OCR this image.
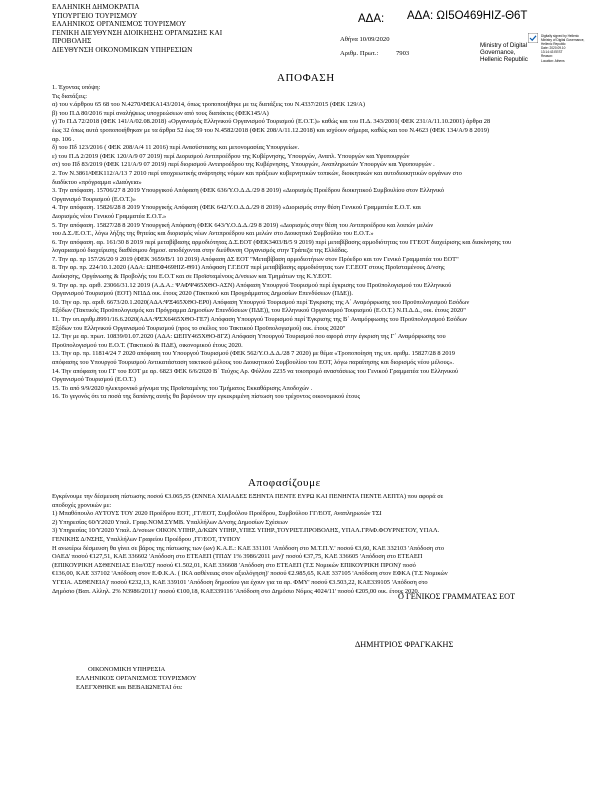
ΕΛΛΗΝΙΚΗ ΔΗΜΟΚΡΑΤΙΑ
ΥΠΟΥΡΓΕΙΟ ΤΟΥΡΙΣΜΟΥ
ΕΛΛΗΝΙΚΟΣ ΟΡΓΑΝΙΣΜΟΣ ΤΟΥΡΙΣΜΟΥ
ΓΕΝΙΚΗ ΔΙΕΥΘΥΝΣΗ ΔΙΟΙΚΗΣΗΣ ΟΡΓΑΝΩΣΗΣ ΚΑΙ
ΠΡΟΒΟΛΗΣ
ΔΙΕΥΘΥΝΣΗ ΟΙΚΟΝΟΜΙΚΩΝ ΥΠΗΡΕΣΙΩΝ
ΑΔΑ: ΑΔΑ: ΩΙ5Ο469ΗΙΖ-Θ6Τ
Αθήνα 10/09/2020
Αριθμ. Πρωτ.:	7903
Ministry of Digital
Governance,
Hellenic Republic
Digitally signed by Hellenic
Ministry of Digital Governance,
Hellenic Republic
Date: 2020.09.10
13:14:43 EEST
Reason:
Location: Athens
ΑΠΟΦΑΣΗ

1. Έχοντας υπόψη:

Τις διατάξεις:

α) του ν.άρθρου 65 68 του Ν.4270/ΦΕΚΑ143/2014, όπως τροποποιήθηκε με τις διατάξεις του Ν.4337/2015 (ΦΕΚ 129/Α)

β) του Π.Δ 80/2016 περί αναλήψεως υποχρεώσεων από τους διατάκτες (ΦΕΚ145/Α)

γ) Το Π.Δ 72/2018 (ΦΕΚ 141/Α/02.08.2018) «Οργανισμός Ελληνικού Οργανισμού Τουρισμού (Ε.Ο.Τ.)» καθώς και του Π.Δ. 343/2001( ΦΕΚ 231/Α/11.10.2001) άρθρα 28

έως 32 όπως αυτά τροποποιήθηκαν με τα άρθρα 52 έως 59 του Ν.4582/2018 (ΦΕΚ 208/Α/11.12.2018) και ισχύουν σήμερα, καθώς και του Ν.4623 (ΦΕΚ 134/Α/9 8 2019)

αρ. 106 .

δ) του Πδ 123/2016 ( ΦΕΚ 208/Α/4 11 2016) περί Ανασύστασης και μετονομασίας Υπουργείων.

ε) του Π.Δ 2/2019 (ΦΕΚ 120/Α/9 07 2019) περί Διορισμού Αντιπροέδρου της Κυβέρνησης, Υπουργών, Αναπλ. Υπουργών και Υφυπουργών

στ) του Πδ 83/2019 (ΦΕΚ 121/Α/9 07 2019) περί διορισμού Αντιπροέδρου της Κυβέρνησης, Υπουργών, Αναπληρωτών Υπουργών και Υφυπουργών .

2. Τον Ν.3861/ΦΕΚ112/Α/13 7 2010 περί υποχρεωτικής ανάρτησης νόμων και πράξεων κυβερνητικών τοπικών, διοικητικών και αυτοδιοικητικών οργάνων στο

διαδίκτυο «πρόγραμμα «Διαύγεια»

3. Την απόφαση. 15706/27 8 2019 Υπουργικού Απόφαση (ΦΕΚ 636/Υ.Ο.Δ.Δ./29 8 2019) «Διορισμός Προέδρου διοικητικού Συμβουλίου στον Ελληνικό

Οργανισμό Τουρισμού (Ε.Ο.Τ.)»

4. Την απόφαση. 15826/28 8 2019 Υπουργικής Απόφαση (ΦΕΚ 642/Υ.Ο.Δ.Δ./29 8 2019) «Διορισμός στην θέση Γενικού Γραμματέα Ε.Ο.Τ. και

Διορισμός νέου Γενικού Γραμματέα Ε.Ο.Τ.»

5. Την απόφαση. 15827/28 8 2019 Υπουργική Απόφαση (ΦΕΚ 643/Υ.Ο.Δ.Δ./29 8 2019) «Διορισμός στην θέση του Αντιπροέδρου και λοιπών μελών

του Δ.Σ./Ε.Ο.Τ., λόγω λήξης της θητείας και διορισμός νέων Αντιπροέδρου και μελών στο Διοικητικό Συμβούλιο του Ε.Ο.Τ.»

6. Την απόφαση. αρ. 161/30 8 2019 περί μεταβίβασης αρμοδιότητας Δ.Σ.ΕΟΤ (ΦΕΚ3403/Β/5 9 2019) περί μεταβίβασης αρμοδιότητας του ΓΓΕΟΤ διαχείρισης και διακίνησης του

λογαριασμού διαχείρισης διαθέσιμου δημοσ. αποδέχονται στην διεύθυνση Οργανισμός στην Τράπεζα της Ελλάδας.

7. Την αρ. πρ 157/26/20 9 2019 (ΦΕΚ 3659/Β/1 10 2019) Απόφαση ΔΣ ΕΟΤ "Μεταβίβαση αρμοδιοτήτων στον Πρόεδρο και τον Γενικό Γραμματέα του ΕΟΤ"

8. Την αρ. πρ. 224/10.1.2020 (ΑΔΑ: ΩΗΕΦ469ΗΙΖ-Θ91) Απόφαση Γ.Γ.ΕΟΤ περί μεταβίβασης αρμοδιότητας των Γ.Γ.ΕΟΤ στους Προϊσταμένους Δ/νσης

Διοίκησης, Οργάνωσης & Προβολής του Ε.Ο.Τ και σε Προϊσταμένους Δ/νσεων και Τμημάτων της Κ.Υ.ΕΟΤ.

9. Την αρ. πρ. αριθ. 23066/31.12 2019 (Α.Δ.Α.: ΨΑΦΨ465ΧΘΟ-ΑΣΝ) Απόφαση Υπουργού Τουρισμού περί έγκρισης του Προϋπολογισμού του Ελληνικού

Οργανισμού Τουρισμού (ΕΟΤ) ΝΠΔΔ οικ. έτους 2020 (Τακτικού και Προγράμματος Δημοσίων Επενδύσεων (ΠΔΕ)).

10. Την αρ. πρ. αριθ. 6673/20.1.2020(ΑΔΑ:ΨΞ465ΧΘΟ-ΕΡ0) Απόφαση Υπουργού Τουρισμού περί Έγκρισης της Α΄ Αναμόρφωσης του Προϋπολογισμού Εσόδων

Εξόδων (Τακτικός Προϋπολογισμός και Πρόγραμμα Δημοσίων Επενδύσεων (ΠΔΕ)), του Ελληνικού Οργανισμού Τουρισμού (Ε.Ο.Τ.) Ν.Π.Δ.Δ., οικ. έτους 2020"

11. Την υπ.αριθμ.8991/16.6.2020(ΑΔΑ:ΨΣΧ6465ΧΘΟ-ΓΕ7) Απόφαση Υπουργού Τουρισμού περί Έγκρισης της Β΄ Αναμόρφωσης του Προϋπολογισμού Εσόδων

Εξόδων του Ελληνικού Οργανισμού Τουρισμού (προς το σκέλος του Τακτικού Προϋπολογισμού) οικ. έτους 2020"

12. Την με αρ. πρωτ. 10839/01.07.2020 (ΑΔΑ: ΩΕΠΥ465ΧΘΟ-8ΓΖ) Απόφαση Υπουργού Τουρισμού που αφορά στην έγκριση της Γ΄ Αναμόρφωσης του

Προϋπολογισμού του Ε.Ο.Τ. (Τακτικού & ΠΔΕ), οικονομικού έτους 2020.

13. Την αρ. πρ. 11814/24 7 2020 απόφαση του Υπουργού Τουρισμού (ΦΕΚ 562/Υ.Ο.Δ.Δ./28 7 2020) με θέμα «Τροποποίηση της υπ. αριθμ. 15827/28 8 2019

απόφασης του Υπουργού Τουρισμού Αντικατάσταση τακτικού μέλους του Διοικητικού Συμβουλίου του ΕΟΤ, λόγω παραίτησης και διορισμός νέου μέλους».

14. Την απόφαση του ΓΓ του ΕΟΤ με αρ. 6823 ΦΕΚ 6/6/2020 Β΄ Τεύχος Αρ. Φύλλου 2235 να τοιοπρομό αναστάσεως του Γενικού Γραμματέα του Ελληνικού

Οργανισμού Τουρισμού (Ε.Ο.Τ.)

15. Το από 9/9/2020 ηλεκτρονικό μήνυμα της Προϊσταμένης του Τμήματος Εκκαθάρισης Αποδοχών .

16. Το γεγονός ότι τα ποσά της δαπάνης αυτής θα βαρύνουν την εγκεκριμένη πίστωση του τρέχοντος οικονομικού έτους

Αποφασίζουμε

Εγκρίνουμε την δέσμευση πίστωσης ποσού €3.065,55 (ΕΝΝΕΑ ΧΙΛΙΑΔΕΣ ΕΞΗΝΤΑ ΠΕΝΤΕ ΕΥΡΩ ΚΑΙ ΠΕΝΗΝΤΑ ΠΕΝΤΕ ΛΕΠΤΑ) που αφορά σε

αποδοχές χρονικών με:

1) Μπαθόπουλο ΑΥΤΟΥΣ ΤΟΥ 2020 Προέδρου ΕΟΤ, ,ΓΓ/ΕΟΤ, Συμβούλου Προέδρου, Συμβούλου ΓΓ/ΕΟΤ, Αναπληρωτών ΤΣΙ

2) Υπηρεσίας 60/Υ2020 Υπαλ. Γραφ.ΝΟΜ.ΣΥΜΒ. Υπαλλήλων Δ/νσης Δημοσίων Σχέσεων

3) Υπηρεσίας 10/Υ2020 Υπαλ. Δ/νσεων ΟΙΚΟΝ.ΥΠΗΡ.,Δ/ΚΩΝ ΥΠΗΡ.,ΥΠΕΣ ΥΠΗΡ.,ΤΟΥΡΙΣΤ.ΠΡΟΒΟΛΗΣ, ΥΠΑΛ.ΓΡΑΦ.ΦΟΥΡΝΕΤΟΥ, ΥΠΑΛ.

ΓΕΝΙΚΗΣ Δ/ΝΣΗΣ, Υπαλλήλων Γραφείου Προέδρου ,ΓΓ/ΕΟΤ, ΤΥΠΟΥ

Η ανωτέρω δέσμευση θα γίνει σε βάρος της πίστωσης των (ων) Κ.Α.Ε.: ΚΑΕ 331101 'Απόδοση στο Μ.Τ.Π.Υ.' ποσού €3,60, ΚΑΕ 332103 'Απόδοση στο

ΟΑΕΔ' ποσού €127,51, ΚΑΕ 336602 'Απόδοση στο ΕΤΕΑΕΠ (ΤΠΔΥ 1% 3986/2011 μεν)' ποσού €37,75, ΚΑΕ 336605 'Απόδοση στο ΕΤΕΑΕΠ

(ΕΠΙΚΟΥΡΙΚΗ ΑΣΘΕΝΕΙΑΣ Ε1α/ΟΣ)' ποσού €1.502,01, ΚΑΕ 336608 'Απόδοση στο ΕΤΕΑΕΠ (Τ.Σ Νομικών ΕΠΙΚΟΥΡΙΚΗ ΠΡΟΝ)' ποσό

€136,00, ΚΑΕ 337102 'Απόδοση στον Ε.Φ.Κ.Α. ( ΙΚΑ ασθένειας στον αξιολόγηση)' ποσού €2.985,65, ΚΑΕ 337105 'Απόδοση στον ΕΦΚΑ (Τ.Σ Νομικών

ΥΓΕΙΑ. ΑΣΘΕΝΕΙΑ)' ποσού €232,13, ΚΑΕ 339101 'Απόδοση δημοσίου για έχουν για τα αρ. ΦΜΥ' ποσού €3.503,22, ΚΑΕ339105 'Απόδοση στο

Δημόσιο (Βαπ. Αλληλ. 2% Ν3986/2011)' ποσού €100,18, ΚΑΕ339116 'Απόδοση στο Δημόσιο Νόμος 4024/11' ποσού €205,00 οικ. έτους 2020.

Ο ΓΕΝΙΚΟΣ ΓΡΑΜΜΑΤΕΑΣ ΕΟΤ
ΔΗΜΗΤΡΙΟΣ ΦΡΑΓΚΑΚΗΣ
ΟΙΚΟΝΟΜΙΚΗ ΥΠΗΡΕΣΙΑ
ΕΛΛΗΝΙΚΟΣ ΟΡΓΑΝΙΣΜΟΣ ΤΟΥΡΙΣΜΟΥ
ΕΛΕΓΧΘΗΚΕ και ΒΕΒΑΙΩΝΕΤΑΙ ότι:
